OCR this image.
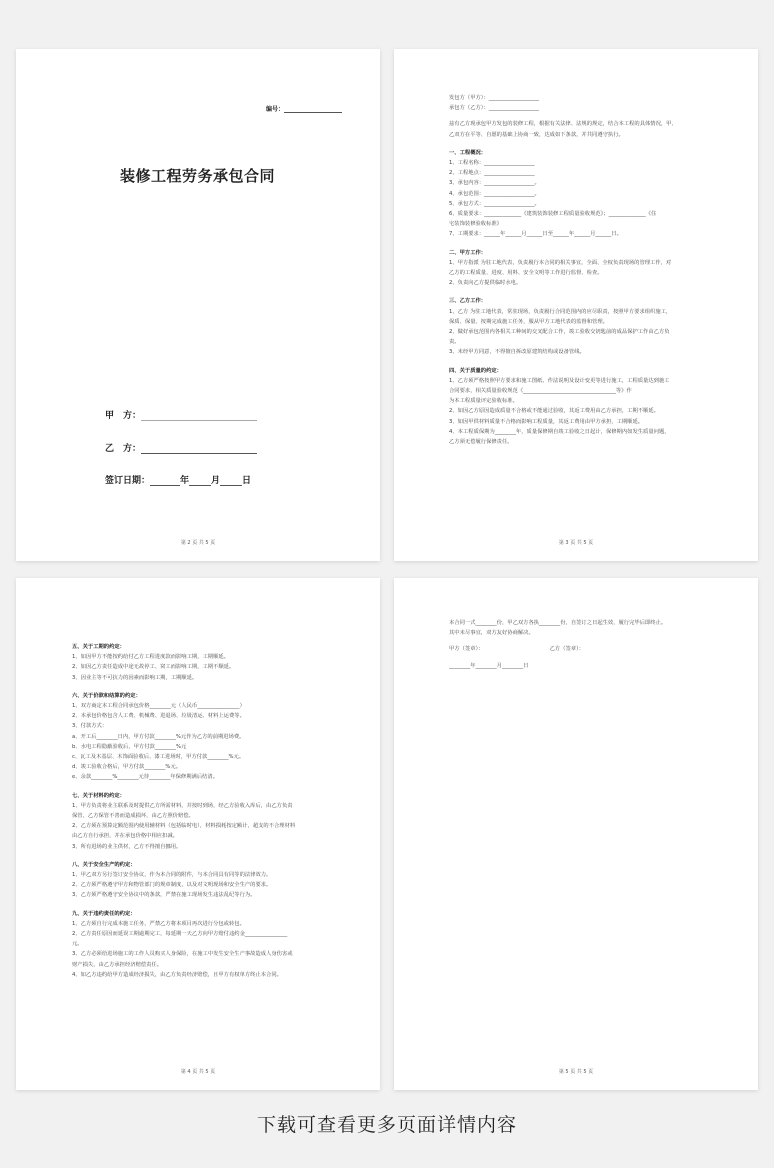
编号：
装修工程劳务承包合同
甲　方：
乙　方：
签订日期：	年 月 日
第 2 页 共 5 页

发包方（甲方）：___________________

承包方（乙方）：___________________

兹有乙方现承包甲方发包的装修工程，根据有关法律、法规的规定，结合本工程的具体情况，甲、

乙双方在平等、自愿的基础上协商一致，达成如下条款，并共同遵守执行。

一、工程概况：

1、工程名称：___________________

2、工程地点：___________________

3、承包内容：___________________。

4、承包范围：___________________。

5、承包方式：___________________。

6、质量要求：______________《建筑装饰装修工程质量验收规范》；______________《住

宅装饰装修验收标准》

7、工期要求：______年______月______日至______年______月______日。

二、甲方工作：

1、甲方指派 为驻工地代表，负责履行本合同的相关事宜，全面、全权负责现场的管理工作，对

乙方的工程质量、进度、用料、安全文明等工作进行监督、检查。

2、负责向乙方提供临时水电。

三、乙方工作：

1、乙方 为驻工地代表，常驻现场，负责履行合同范围内的应尽职责，按照甲方要求组织施工，

保质、保量、按期完成施工任务，服从甲方工地代表的监督和管理。

2、做好承包范围内各相关工种间的交叉配合工作，竣工验收交钥匙前的成品保护工作由乙方负

责。

3、未经甲方同意，不得擅自拆改原建筑结构或设备管线。

四、关于质量的约定：

1、乙方须严格按照甲方要求和施工图纸、作法说明及设计变更等进行施工，工程质量达到施工

合同要求，相关质量验收规范《___________________________________等》作

为本工程质量评定验收标准。

2、如因乙方原因造成质量不合格或不能通过验收，其返工费用由乙方承担，工期不顺延。

3、如因甲供材料质量不合格而影响工程质量，其返工费用由甲方承担，工期顺延。

4、本工程质保期为________年，质量保修期自竣工验收之日起计，保修期内如发生质量问题，

乙方须无偿履行保修责任。

第 3 页 共 5 页

五、关于工期的约定：

1、如因甲方不能按约给付乙方工程进度款而影响工期，工期顺延。

2、如因乙方责任造成中途无故停工、窝工而影响工期，工期不顺延。

3、因业主等不可抗力的因素而影响工期，工期顺延。

六、关于价款和结算的约定：

1、双方商定本工程合同承包价格________元（人民币________________）

2、本承包价格包含人工费、机械费、进退场、垃圾清运、材料上运费等。

3、付款方式：

a、开工后________日内，甲方付款________%元作为乙方的前期进场费。

b、水电工程隐蔽验收后，甲方付款________%元

c、瓦工及木基层、木饰面验收后、漆工进场时，甲方付款________%元。

d、竣工验收合格后，甲方付款________%元。

e、余款________%________元待________年保修期满后结清。

七、关于材料的约定：

1、甲方负责将业主联系及时提供乙方所需材料，并按时到场，经乙方验收入库后，由乙方负责

保管，乙方保管不善而造成损坏，由乙方照价赔偿。

2、乙方须在预算定额范围内使用辅材料（包括临时电），材料损耗按定额计，超支的不合理材料

由乙方自行承担，并在承包价格中相应扣减。

3、所有进场的业主供材，乙方不得擅自挪用。

八、关于安全生产的约定：

1、甲乙双方另行签订安全协议，作为本合同的附件，与本合同具有同等的法律效力。

2、乙方须严格遵守甲方和物管部门的规章制度，以及对文明现场和安全生产的要求。

3、乙方须严格遵守安全协议中的条款，严禁在施工现场发生违法乱纪等行为。

九、关于违约责任的约定：

1、乙方须自行完成本施工任务，严禁乙方将本项目再次进行分包或转包。

2、乙方责任原因而延误工期逾期完工，每延期一天乙方向甲方赔付违约金________________

元。

3、乙方必须给进场施工的工作人员购买人身保险，在施工中发生安全生产事故造成人身伤害或

财产损失，由乙方承担经济赔偿责任。

4、如乙方违约给甲方造成经济损失，由乙方负责经济赔偿，且甲方有权单方终止本合同。

第 4 页 共 5 页

本合同一式________份，甲乙双方各执________份，自签订之日起生效，履行完毕后即终止。

其中未尽事宜，双方友好协商解决。

甲方（签章）：　　　　　　　　　　　　　乙方（签章）：

________年________月________日

第 5 页 共 5 页
下载可查看更多页面详情内容
